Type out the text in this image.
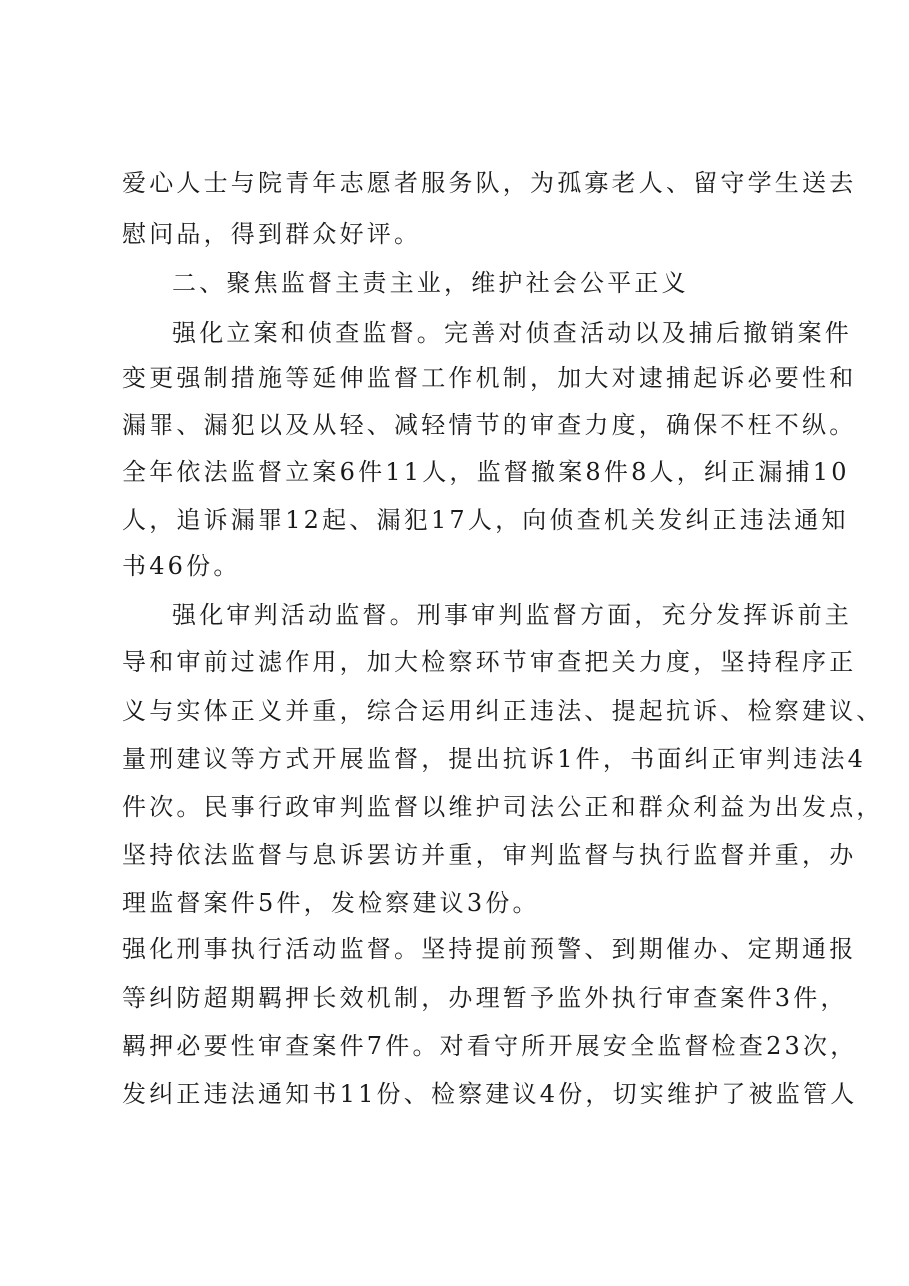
爱心人士与院青年志愿者服务队，为孤寡老人、留守学生送去
慰问品，得到群众好评。
二、聚焦监督主责主业，维护社会公平正义
强化立案和侦查监督。完善对侦查活动以及捕后撤销案件
变更强制措施等延伸监督工作机制，加大对逮捕起诉必要性和
漏罪、漏犯以及从轻、减轻情节的审查力度，确保不枉不纵。
全年依法监督立案6件11人，监督撤案8件8人，纠正漏捕10
人，追诉漏罪12起、漏犯17人，向侦查机关发纠正违法通知
书46份。
强化审判活动监督。刑事审判监督方面，充分发挥诉前主
导和审前过滤作用，加大检察环节审查把关力度，坚持程序正
义与实体正义并重，综合运用纠正违法、提起抗诉、检察建议、
量刑建议等方式开展监督，提出抗诉1件，书面纠正审判违法4
件次。民事行政审判监督以维护司法公正和群众利益为出发点，
坚持依法监督与息诉罢访并重，审判监督与执行监督并重，办
理监督案件5件，发检察建议3份。
强化刑事执行活动监督。坚持提前预警、到期催办、定期通报
等纠防超期羁押长效机制，办理暂予监外执行审查案件3件，
羁押必要性审查案件7件。对看守所开展安全监督检查23次，
发纠正违法通知书11份、检察建议4份，切实维护了被监管人
